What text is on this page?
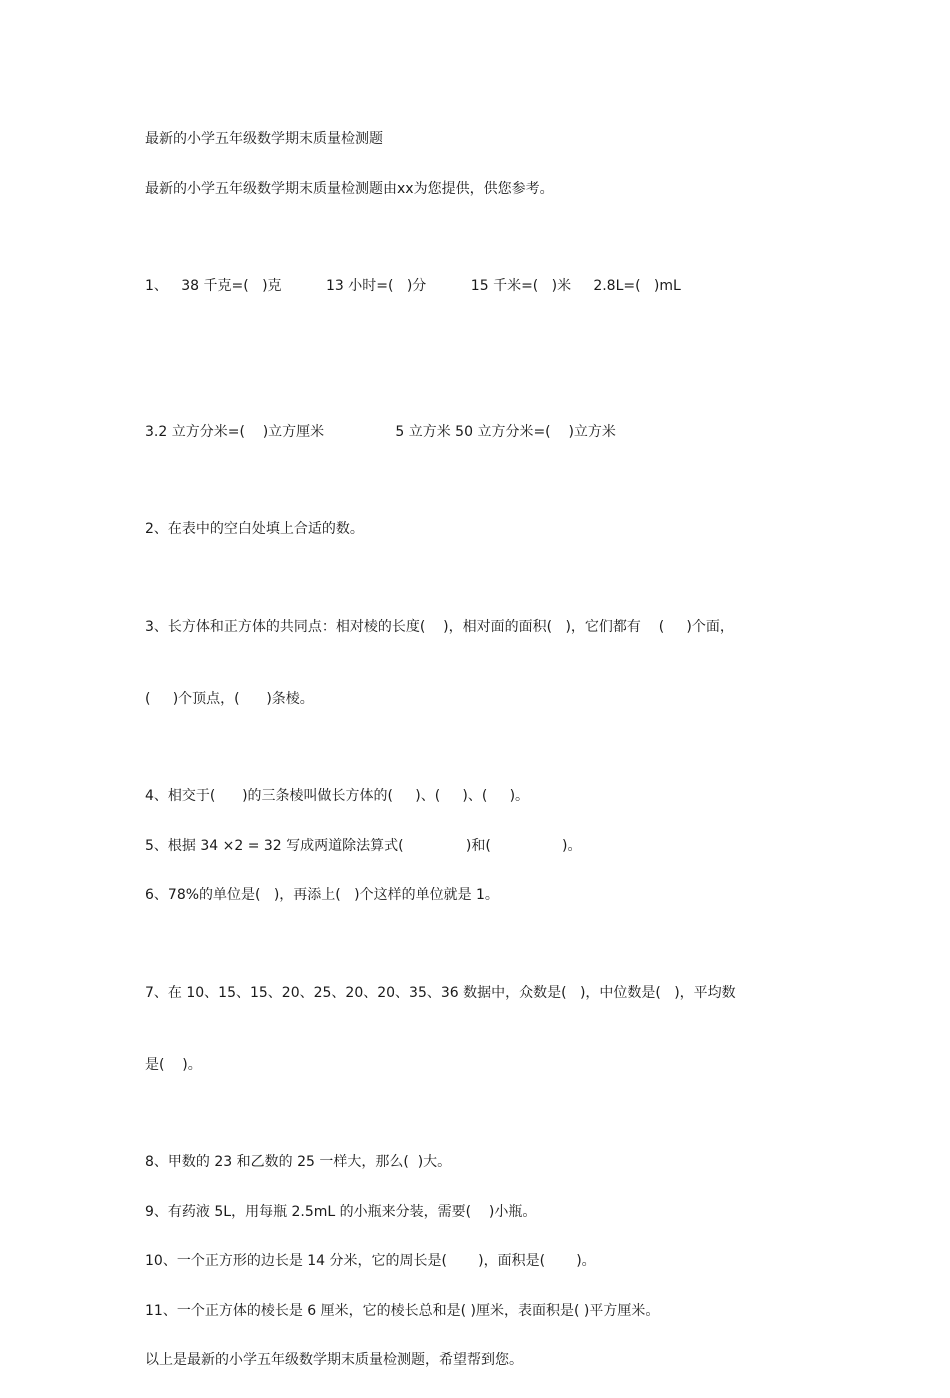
最新的小学五年级数学期末质量检测题

最新的小学五年级数学期末质量检测题由xx为您提供，供您参考。

1、   38 千克=(   )克          13 小时=(   )分          15 千米=(   )米     2.8L=(   )mL

3.2 立方分米=(    )立方厘米                5 立方米 50 立方分米=(    )立方米

2、在表中的空白处填上合适的数。

3、长方体和正方体的共同点：相对棱的长度(    )，相对面的面积(   )，它们都有    (     )个面，

(     )个顶点，(      )条棱。

4、相交于(      )的三条棱叫做长方体的(     )、(     )、(     )。

5、根据 34 ×2 = 32 写成两道除法算式(              )和(                )。

6、78%的单位是(   )，再添上(   )个这样的单位就是 1。

7、在 10、15、15、20、25、20、20、35、36 数据中，众数是(   )，中位数是(   )，平均数

是(    )。

8、甲数的 23 和乙数的 25 一样大，那么(  )大。

9、有药液 5L，用每瓶 2.5mL 的小瓶来分装，需要(    )小瓶。

10、一个正方形的边长是 14 分米，它的周长是(       )，面积是(       )。

11、一个正方体的棱长是 6 厘米，它的棱长总和是( )厘米，表面积是( )平方厘米。

以上是最新的小学五年级数学期末质量检测题，希望帮到您。
